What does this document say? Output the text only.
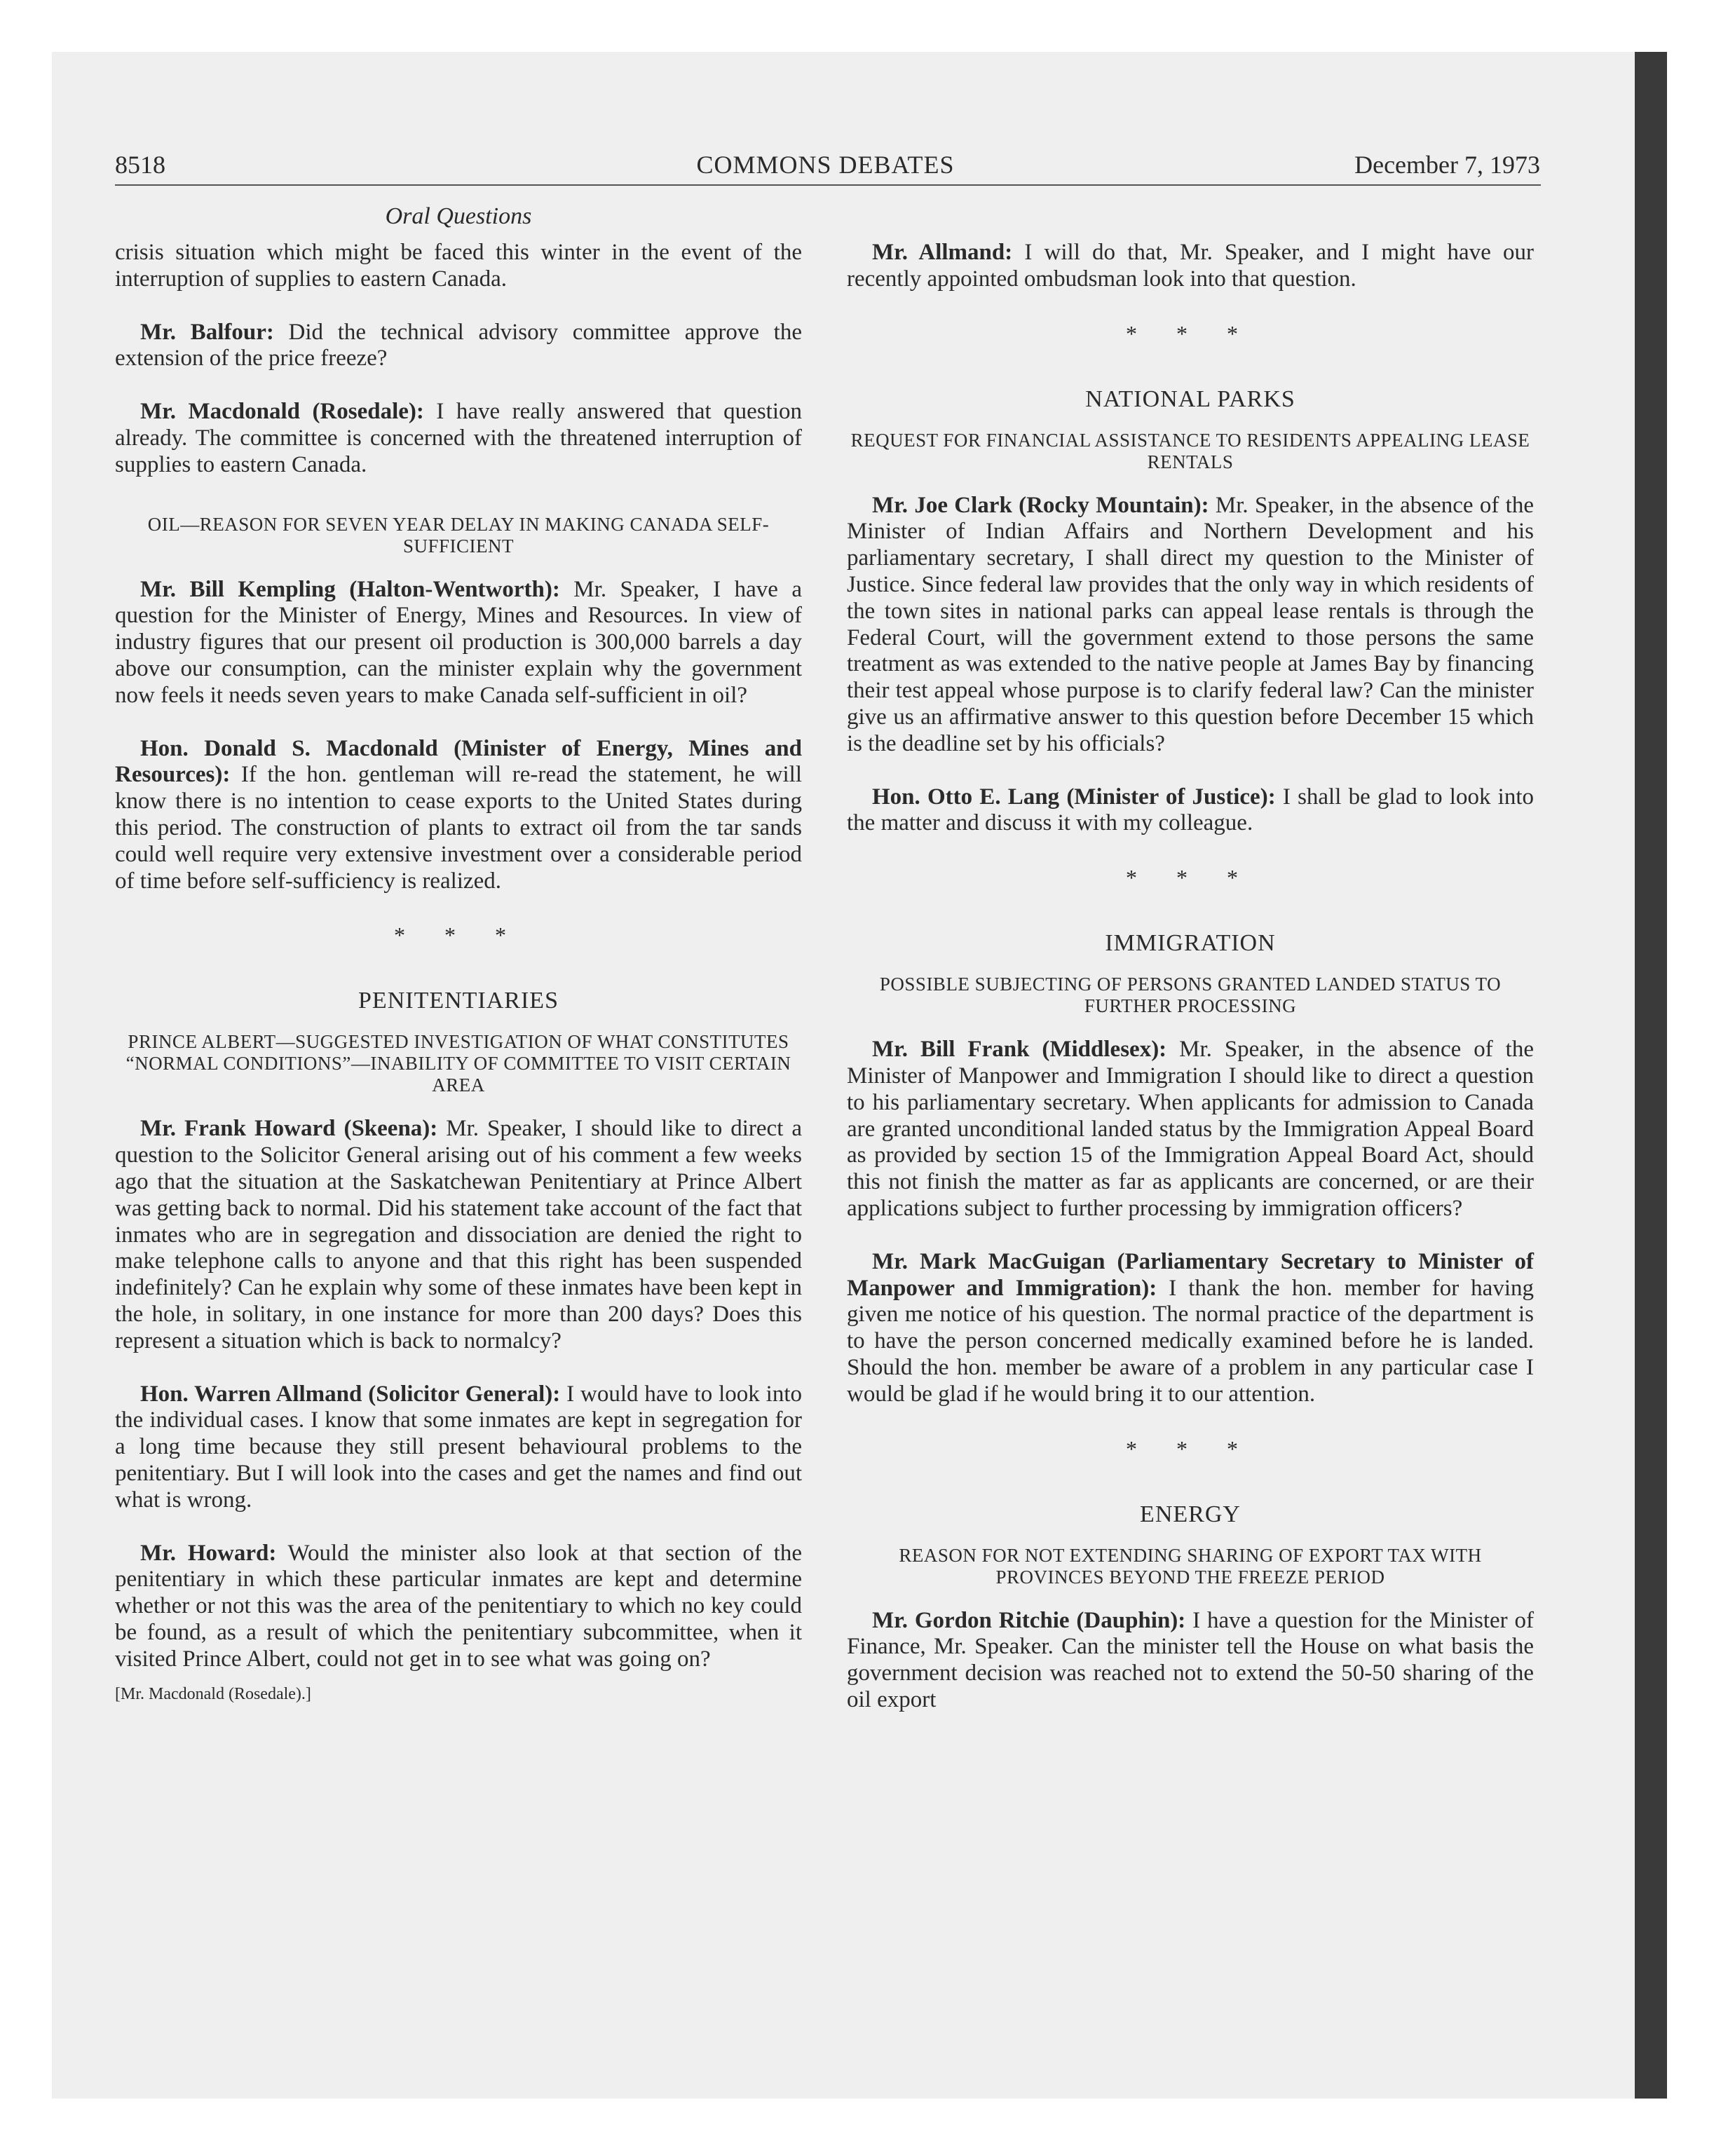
8518	COMMONS DEBATES	December 7, 1973
Oral Questions

crisis situation which might be faced this winter in the event of the interruption of supplies to eastern Canada.

Mr. Balfour: Did the technical advisory committee approve the extension of the price freeze?

Mr. Macdonald (Rosedale): I have really answered that question already. The committee is concerned with the threatened interruption of supplies to eastern Canada.

OIL—REASON FOR SEVEN YEAR DELAY IN MAKING CANADA SELF-SUFFICIENT

Mr. Bill Kempling (Halton-Wentworth): Mr. Speaker, I have a question for the Minister of Energy, Mines and Resources. In view of industry figures that our present oil production is 300,000 barrels a day above our consumption, can the minister explain why the government now feels it needs seven years to make Canada self-sufficient in oil?

Hon. Donald S. Macdonald (Minister of Energy, Mines and Resources): If the hon. gentleman will re-read the statement, he will know there is no intention to cease exports to the United States during this period. The construction of plants to extract oil from the tar sands could well require very extensive investment over a considerable period of time before self-sufficiency is realized.

* * *
PENITENTIARIES
PRINCE ALBERT—SUGGESTED INVESTIGATION OF WHAT CONSTITUTES “NORMAL CONDITIONS”—INABILITY OF COMMITTEE TO VISIT CERTAIN AREA

Mr. Frank Howard (Skeena): Mr. Speaker, I should like to direct a question to the Solicitor General arising out of his comment a few weeks ago that the situation at the Saskatchewan Penitentiary at Prince Albert was getting back to normal. Did his statement take account of the fact that inmates who are in segregation and dissociation are denied the right to make telephone calls to anyone and that this right has been suspended indefinitely? Can he explain why some of these inmates have been kept in the hole, in solitary, in one instance for more than 200 days? Does this represent a situation which is back to normalcy?

Hon. Warren Allmand (Solicitor General): I would have to look into the individual cases. I know that some inmates are kept in segregation for a long time because they still present behavioural problems to the penitentiary. But I will look into the cases and get the names and find out what is wrong.

Mr. Howard: Would the minister also look at that section of the penitentiary in which these particular inmates are kept and determine whether or not this was the area of the penitentiary to which no key could be found, as a result of which the penitentiary subcommittee, when it visited Prince Albert, could not get in to see what was going on?

[Mr. Macdonald (Rosedale).]

Mr. Allmand: I will do that, Mr. Speaker, and I might have our recently appointed ombudsman look into that question.

* * *
NATIONAL PARKS
REQUEST FOR FINANCIAL ASSISTANCE TO RESIDENTS APPEALING LEASE RENTALS

Mr. Joe Clark (Rocky Mountain): Mr. Speaker, in the absence of the Minister of Indian Affairs and Northern Development and his parliamentary secretary, I shall direct my question to the Minister of Justice. Since federal law provides that the only way in which residents of the town sites in national parks can appeal lease rentals is through the Federal Court, will the government extend to those persons the same treatment as was extended to the native people at James Bay by financing their test appeal whose purpose is to clarify federal law? Can the minister give us an affirmative answer to this question before December 15 which is the deadline set by his officials?

Hon. Otto E. Lang (Minister of Justice): I shall be glad to look into the matter and discuss it with my colleague.

* * *
IMMIGRATION
POSSIBLE SUBJECTING OF PERSONS GRANTED LANDED STATUS TO FURTHER PROCESSING

Mr. Bill Frank (Middlesex): Mr. Speaker, in the absence of the Minister of Manpower and Immigration I should like to direct a question to his parliamentary secretary. When applicants for admission to Canada are granted unconditional landed status by the Immigration Appeal Board as provided by section 15 of the Immigration Appeal Board Act, should this not finish the matter as far as applicants are concerned, or are their applications subject to further processing by immigration officers?

Mr. Mark MacGuigan (Parliamentary Secretary to Minister of Manpower and Immigration): I thank the hon. member for having given me notice of his question. The normal practice of the department is to have the person concerned medically examined before he is landed. Should the hon. member be aware of a problem in any particular case I would be glad if he would bring it to our attention.

* * *
ENERGY
REASON FOR NOT EXTENDING SHARING OF EXPORT TAX WITH PROVINCES BEYOND THE FREEZE PERIOD

Mr. Gordon Ritchie (Dauphin): I have a question for the Minister of Finance, Mr. Speaker. Can the minister tell the House on what basis the government decision was reached not to extend the 50-50 sharing of the oil export
